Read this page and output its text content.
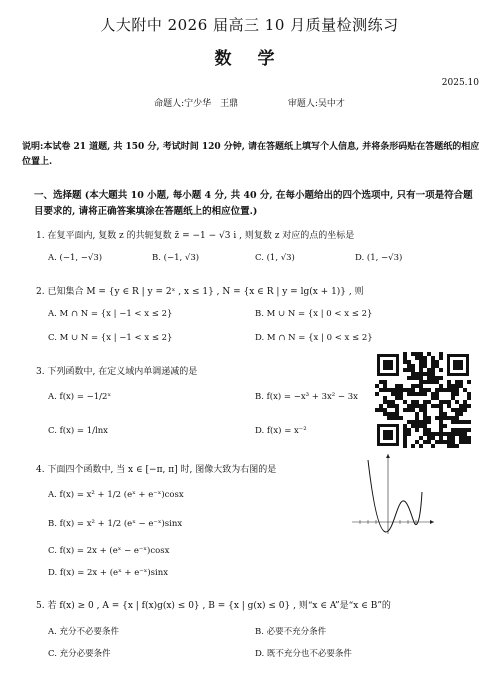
人大附中 2026 届高三 10 月质量检测练习
数 学
2025.10
命题人:宁少华　王鼎	审题人:吴中才
说明:本试卷 21 道题, 共 150 分, 考试时间 120 分钟, 请在答题纸上填写个人信息, 并将条形码贴在答题纸的相应位置上.
一、选择题 (本大题共 10 小题, 每小题 4 分, 共 40 分, 在每小题给出的四个选项中, 只有一项是符合题目要求的, 请将正确答案填涂在答题纸上的相应位置.)
1. 在复平面内, 复数 z 的共轭复数 z̄ = −1 − √3 i , 则复数 z 对应的点的坐标是
A. (−1, −√3)	B. (−1, √3)	C. (1, √3)	D. (1, −√3)
2. 已知集合 M = {y ∈ R | y = 2ˣ , x ≤ 1} , N = {x ∈ R | y = lg(x + 1)} , 则
A. M ∩ N = {x | −1 < x ≤ 2}	B. M ∪ N = {x | 0 < x ≤ 2}
C. M ∪ N = {x | −1 < x ≤ 2}	D. M ∩ N = {x | 0 < x ≤ 2}
3. 下列函数中, 在定义域内单调递减的是
A. f(x) = −1/2ˣ	B. f(x) = −x³ + 3x² − 3x
C. f(x) = 1/lnx	D. f(x) = x⁻²
4. 下面四个函数中, 当 x ∈ [−π, π] 时, 图像大致为右图的是
A. f(x) = x² + 1/2 (eˣ + e⁻ˣ)cosx
B. f(x) = x² + 1/2 (eˣ − e⁻ˣ)sinx
C. f(x) = 2x + (eˣ − e⁻ˣ)cosx
D. f(x) = 2x + (eˣ + e⁻ˣ)sinx
5. 若 f(x) ≥ 0 , A = {x | f(x)g(x) ≤ 0} , B = {x | g(x) ≤ 0} , 则“x ∈ A”是“x ∈ B”的
A. 充分不必要条件	B. 必要不充分条件
C. 充分必要条件	D. 既不充分也不必要条件
